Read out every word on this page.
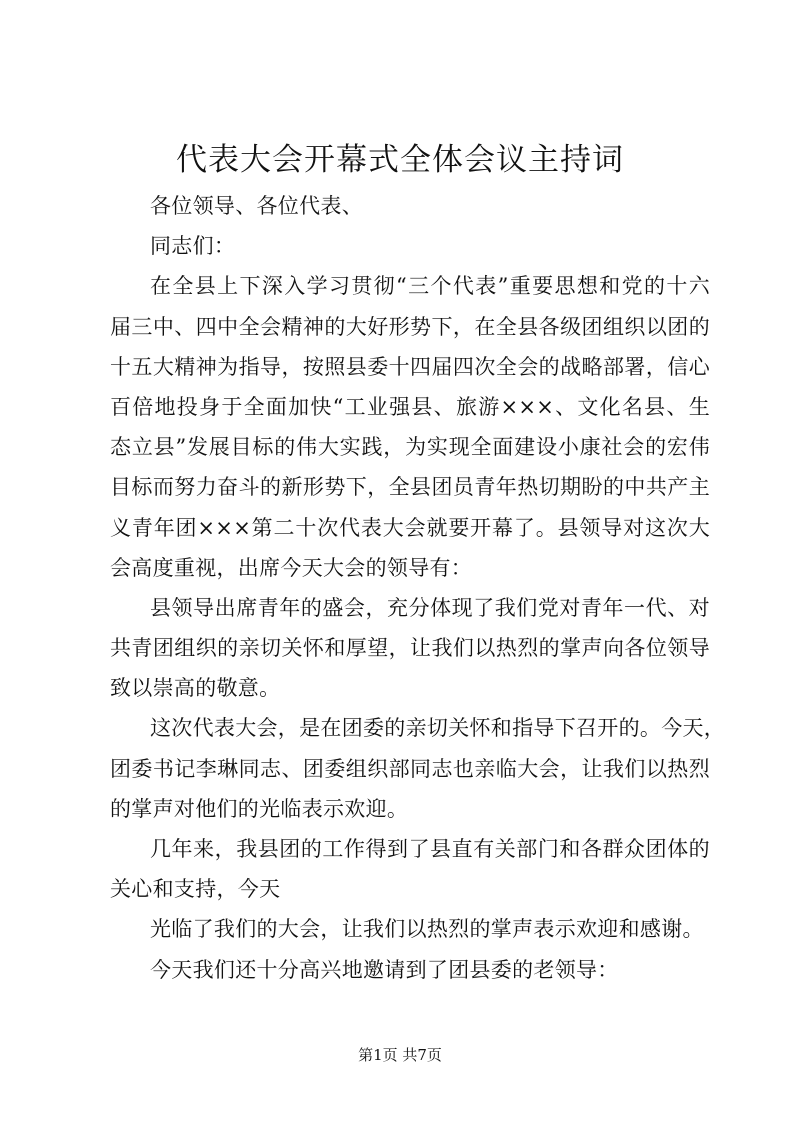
代表大会开幕式全体会议主持词
各位领导、各位代表、
同志们：
在全县上下深入学习贯彻“三个代表”重要思想和党的十六
届三中、四中全会精神的大好形势下，在全县各级团组织以团的
十五大精神为指导，按照县委十四届四次全会的战略部署，信心
百倍地投身于全面加快“工业强县、旅游×××、文化名县、生
态立县”发展目标的伟大实践，为实现全面建设小康社会的宏伟
目标而努力奋斗的新形势下，全县团员青年热切期盼的中共产主
义青年团×××第二十次代表大会就要开幕了。县领导对这次大
会高度重视，出席今天大会的领导有：
县领导出席青年的盛会，充分体现了我们党对青年一代、对
共青团组织的亲切关怀和厚望，让我们以热烈的掌声向各位领导
致以崇高的敬意。
这次代表大会，是在团委的亲切关怀和指导下召开的。今天，
团委书记李琳同志、团委组织部同志也亲临大会，让我们以热烈
的掌声对他们的光临表示欢迎。
几年来，我县团的工作得到了县直有关部门和各群众团体的
关心和支持，今天
光临了我们的大会，让我们以热烈的掌声表示欢迎和感谢。
今天我们还十分高兴地邀请到了团县委的老领导：
第1页 共7页
